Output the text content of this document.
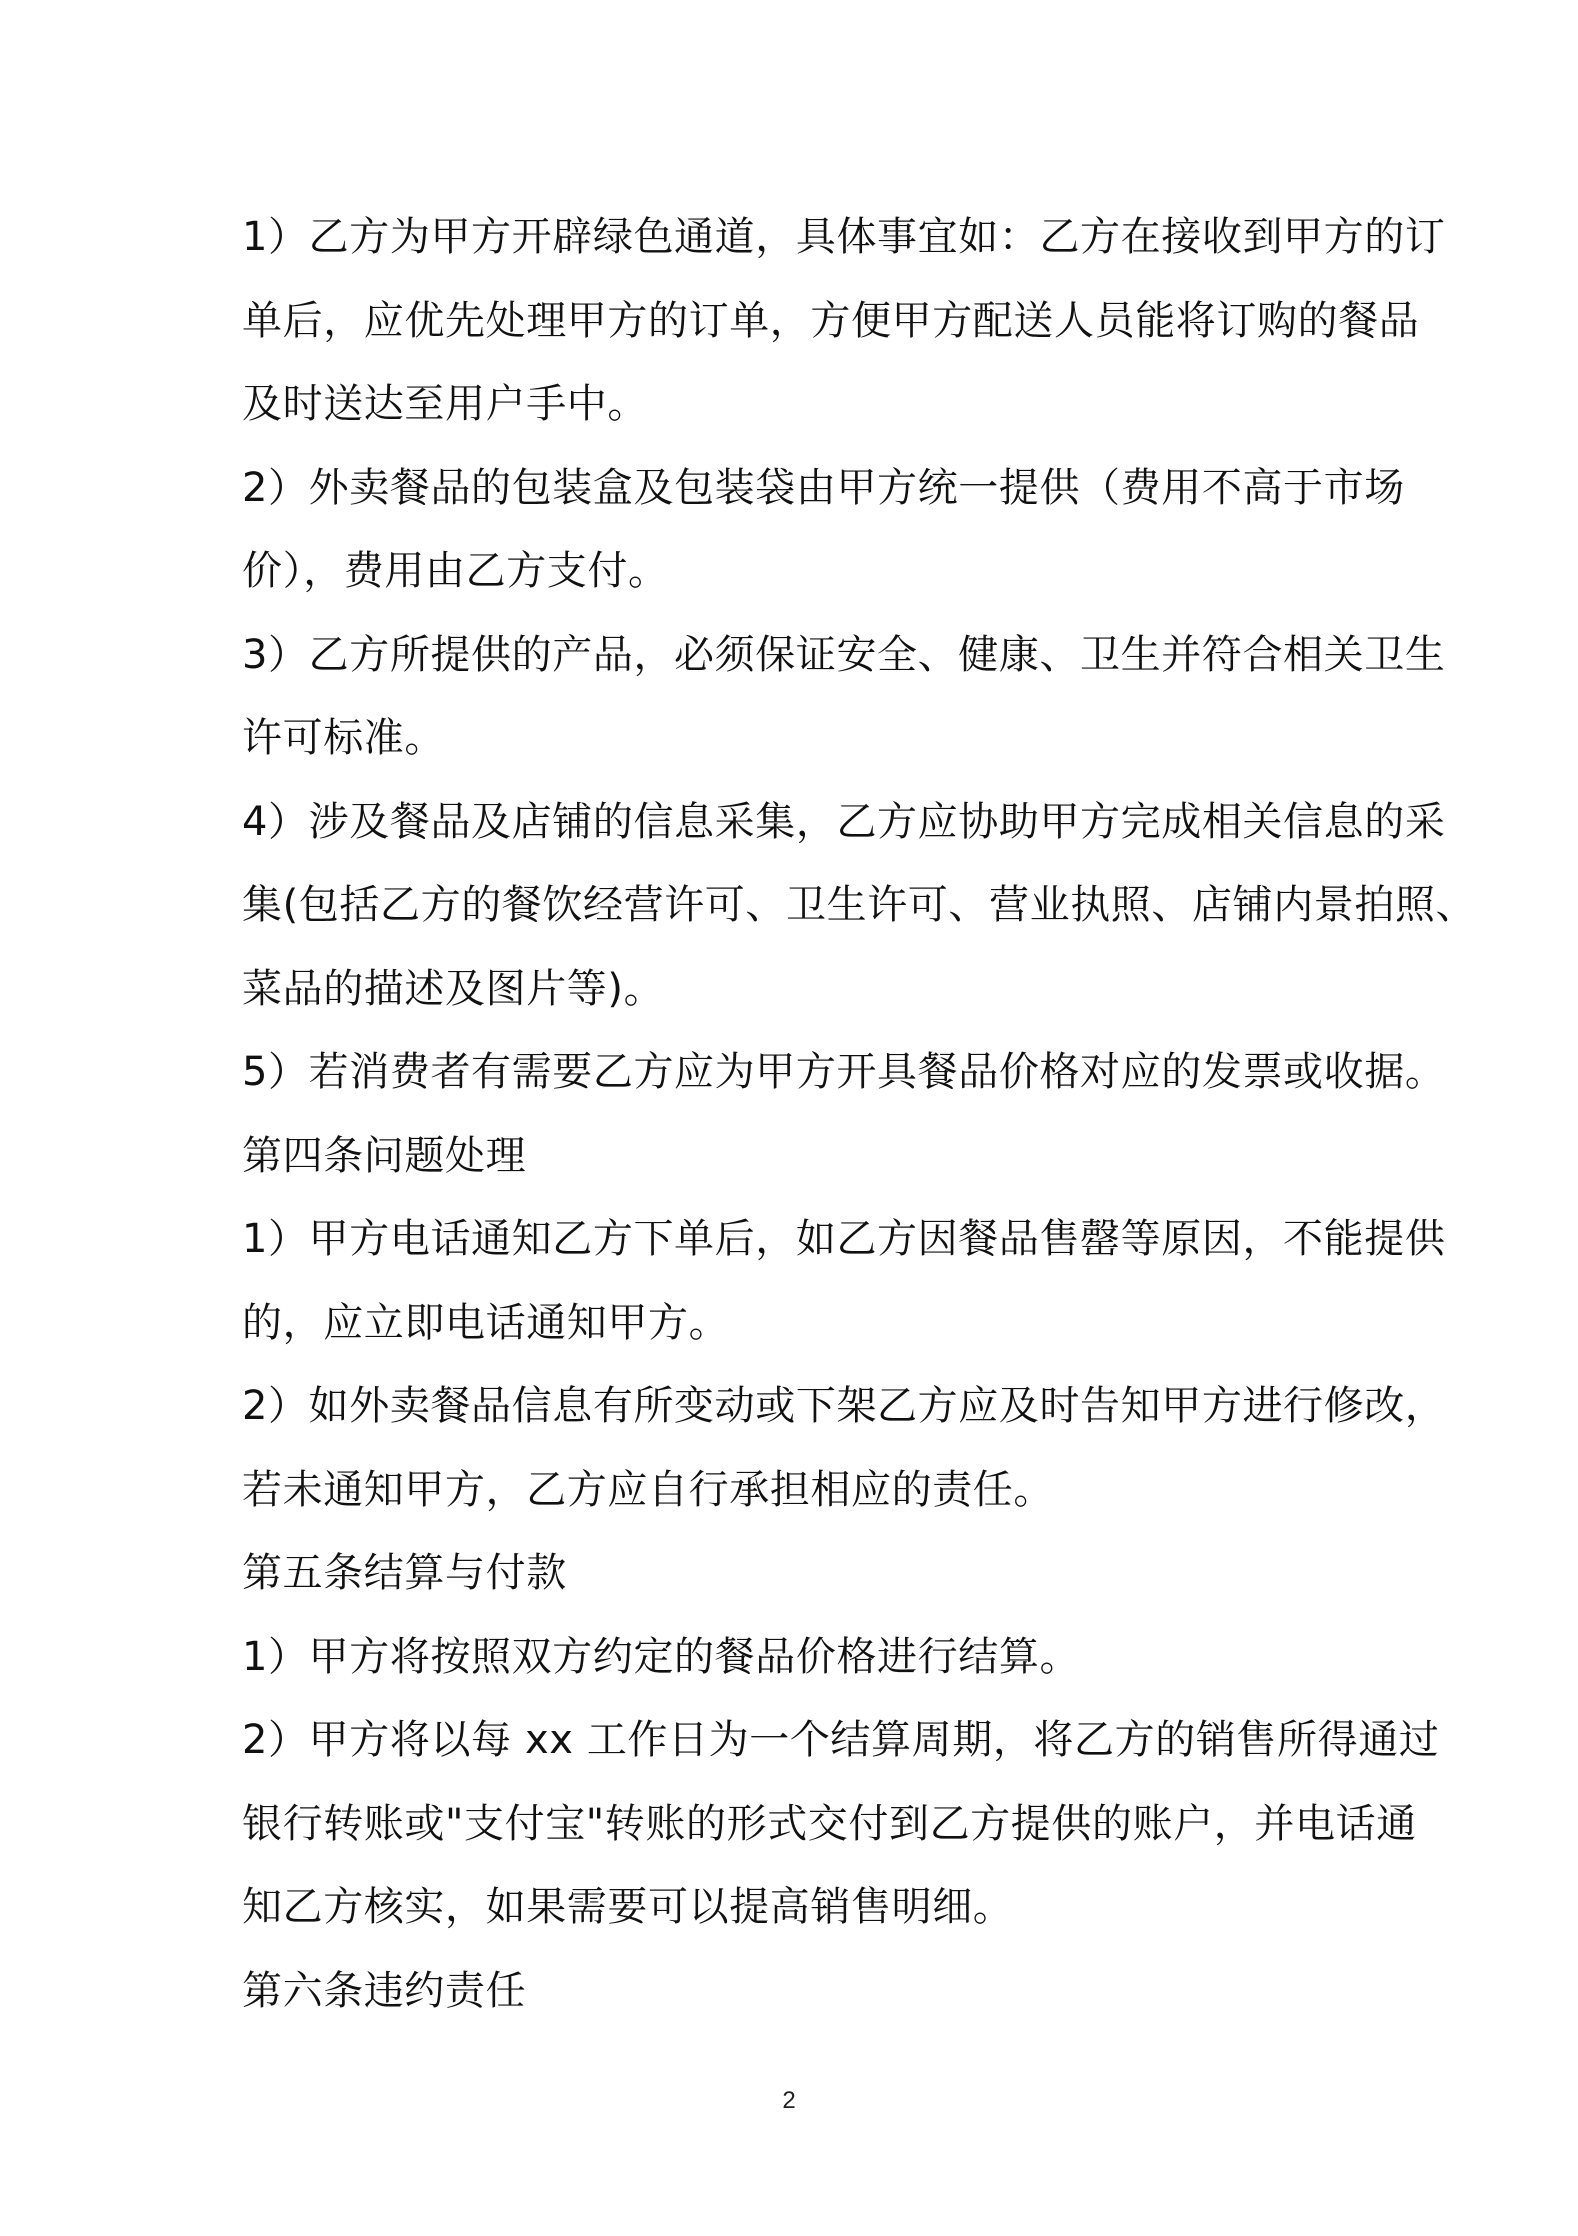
1）乙方为甲方开辟绿色通道，具体事宜如：乙方在接收到甲方的订
单后，应优先处理甲方的订单，方便甲方配送人员能将订购的餐品
及时送达至用户手中。
2）外卖餐品的包装盒及包装袋由甲方统一提供（费用不高于市场
价），费用由乙方支付。
3）乙方所提供的产品，必须保证安全、健康、卫生并符合相关卫生
许可标准。
4）涉及餐品及店铺的信息采集，乙方应协助甲方完成相关信息的采
集(包括乙方的餐饮经营许可、卫生许可、营业执照、店铺内景拍照、
菜品的描述及图片等)。
5）若消费者有需要乙方应为甲方开具餐品价格对应的发票或收据。
第四条问题处理
1）甲方电话通知乙方下单后，如乙方因餐品售罄等原因，不能提供
的，应立即电话通知甲方。
2）如外卖餐品信息有所变动或下架乙方应及时告知甲方进行修改，
若未通知甲方，乙方应自行承担相应的责任。
第五条结算与付款
1）甲方将按照双方约定的餐品价格进行结算。
2）甲方将以每 xx 工作日为一个结算周期，将乙方的销售所得通过
银行转账或"支付宝"转账的形式交付到乙方提供的账户，并电话通
知乙方核实，如果需要可以提高销售明细。
第六条违约责任
2
